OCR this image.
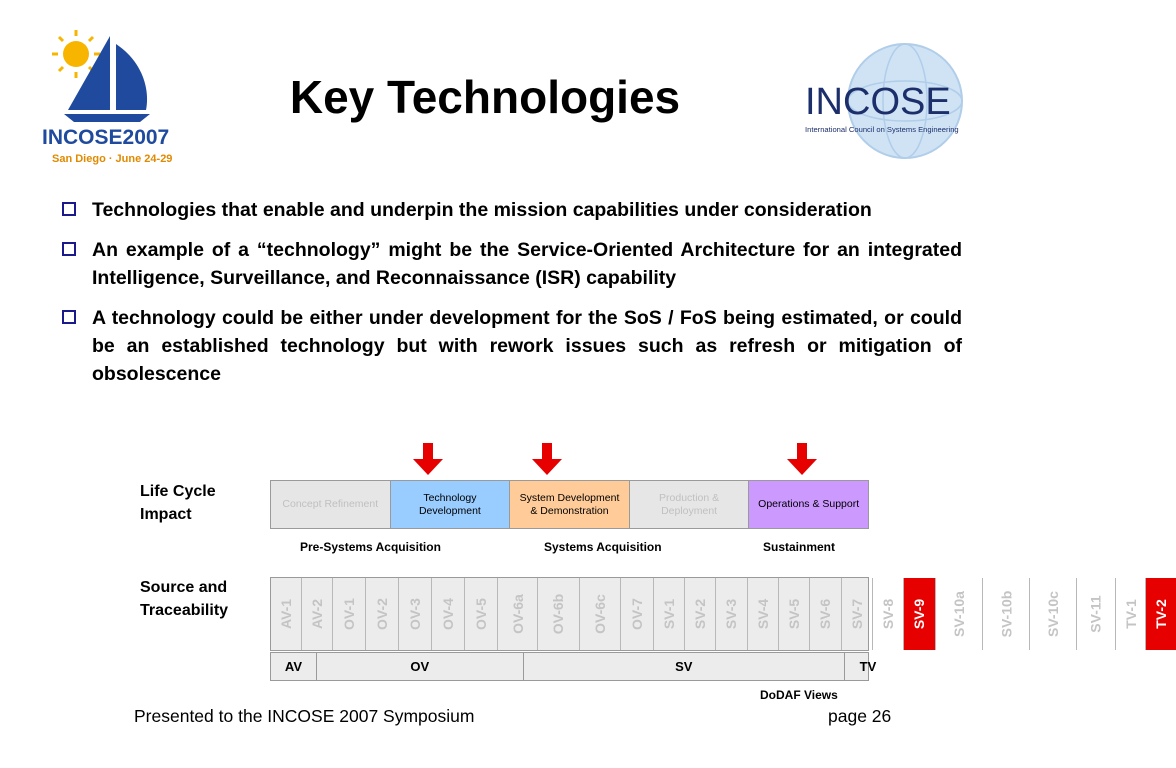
INCOSE2007
San Diego · June 24-29
Key Technologies	INCOSE
International Council on Systems Engineering
Technologies that enable and underpin the mission capabilities under consideration
An example of a “technology” might be the Service-Oriented Architecture for an integrated Intelligence, Surveillance, and Reconnaissance (ISR) capability
A technology could be either under development for the SoS / FoS being estimated, or could be an established technology but with rework issues such as refresh or mitigation of obsolescence
Life Cycle Impact
Source and Traceability
Concept Refinement
Technology Development
System Development & Demonstration
Production & Deployment
Operations & Support
Pre-Systems Acquisition	Systems Acquisition	Sustainment
AV-1 AV-2 OV-1 OV-2 OV-3 OV-4 OV-5 OV-6a OV-6b OV-6c OV-7 SV-1 SV-2 SV-3 SV-4 SV-5 SV-6 SV-7 SV-8 SV-9 SV-10a SV-10b SV-10c SV-11 TV-1 TV-2
AV	OV	SV	TV
DoDAF Views
Presented to the INCOSE 2007 Symposium	page 26
